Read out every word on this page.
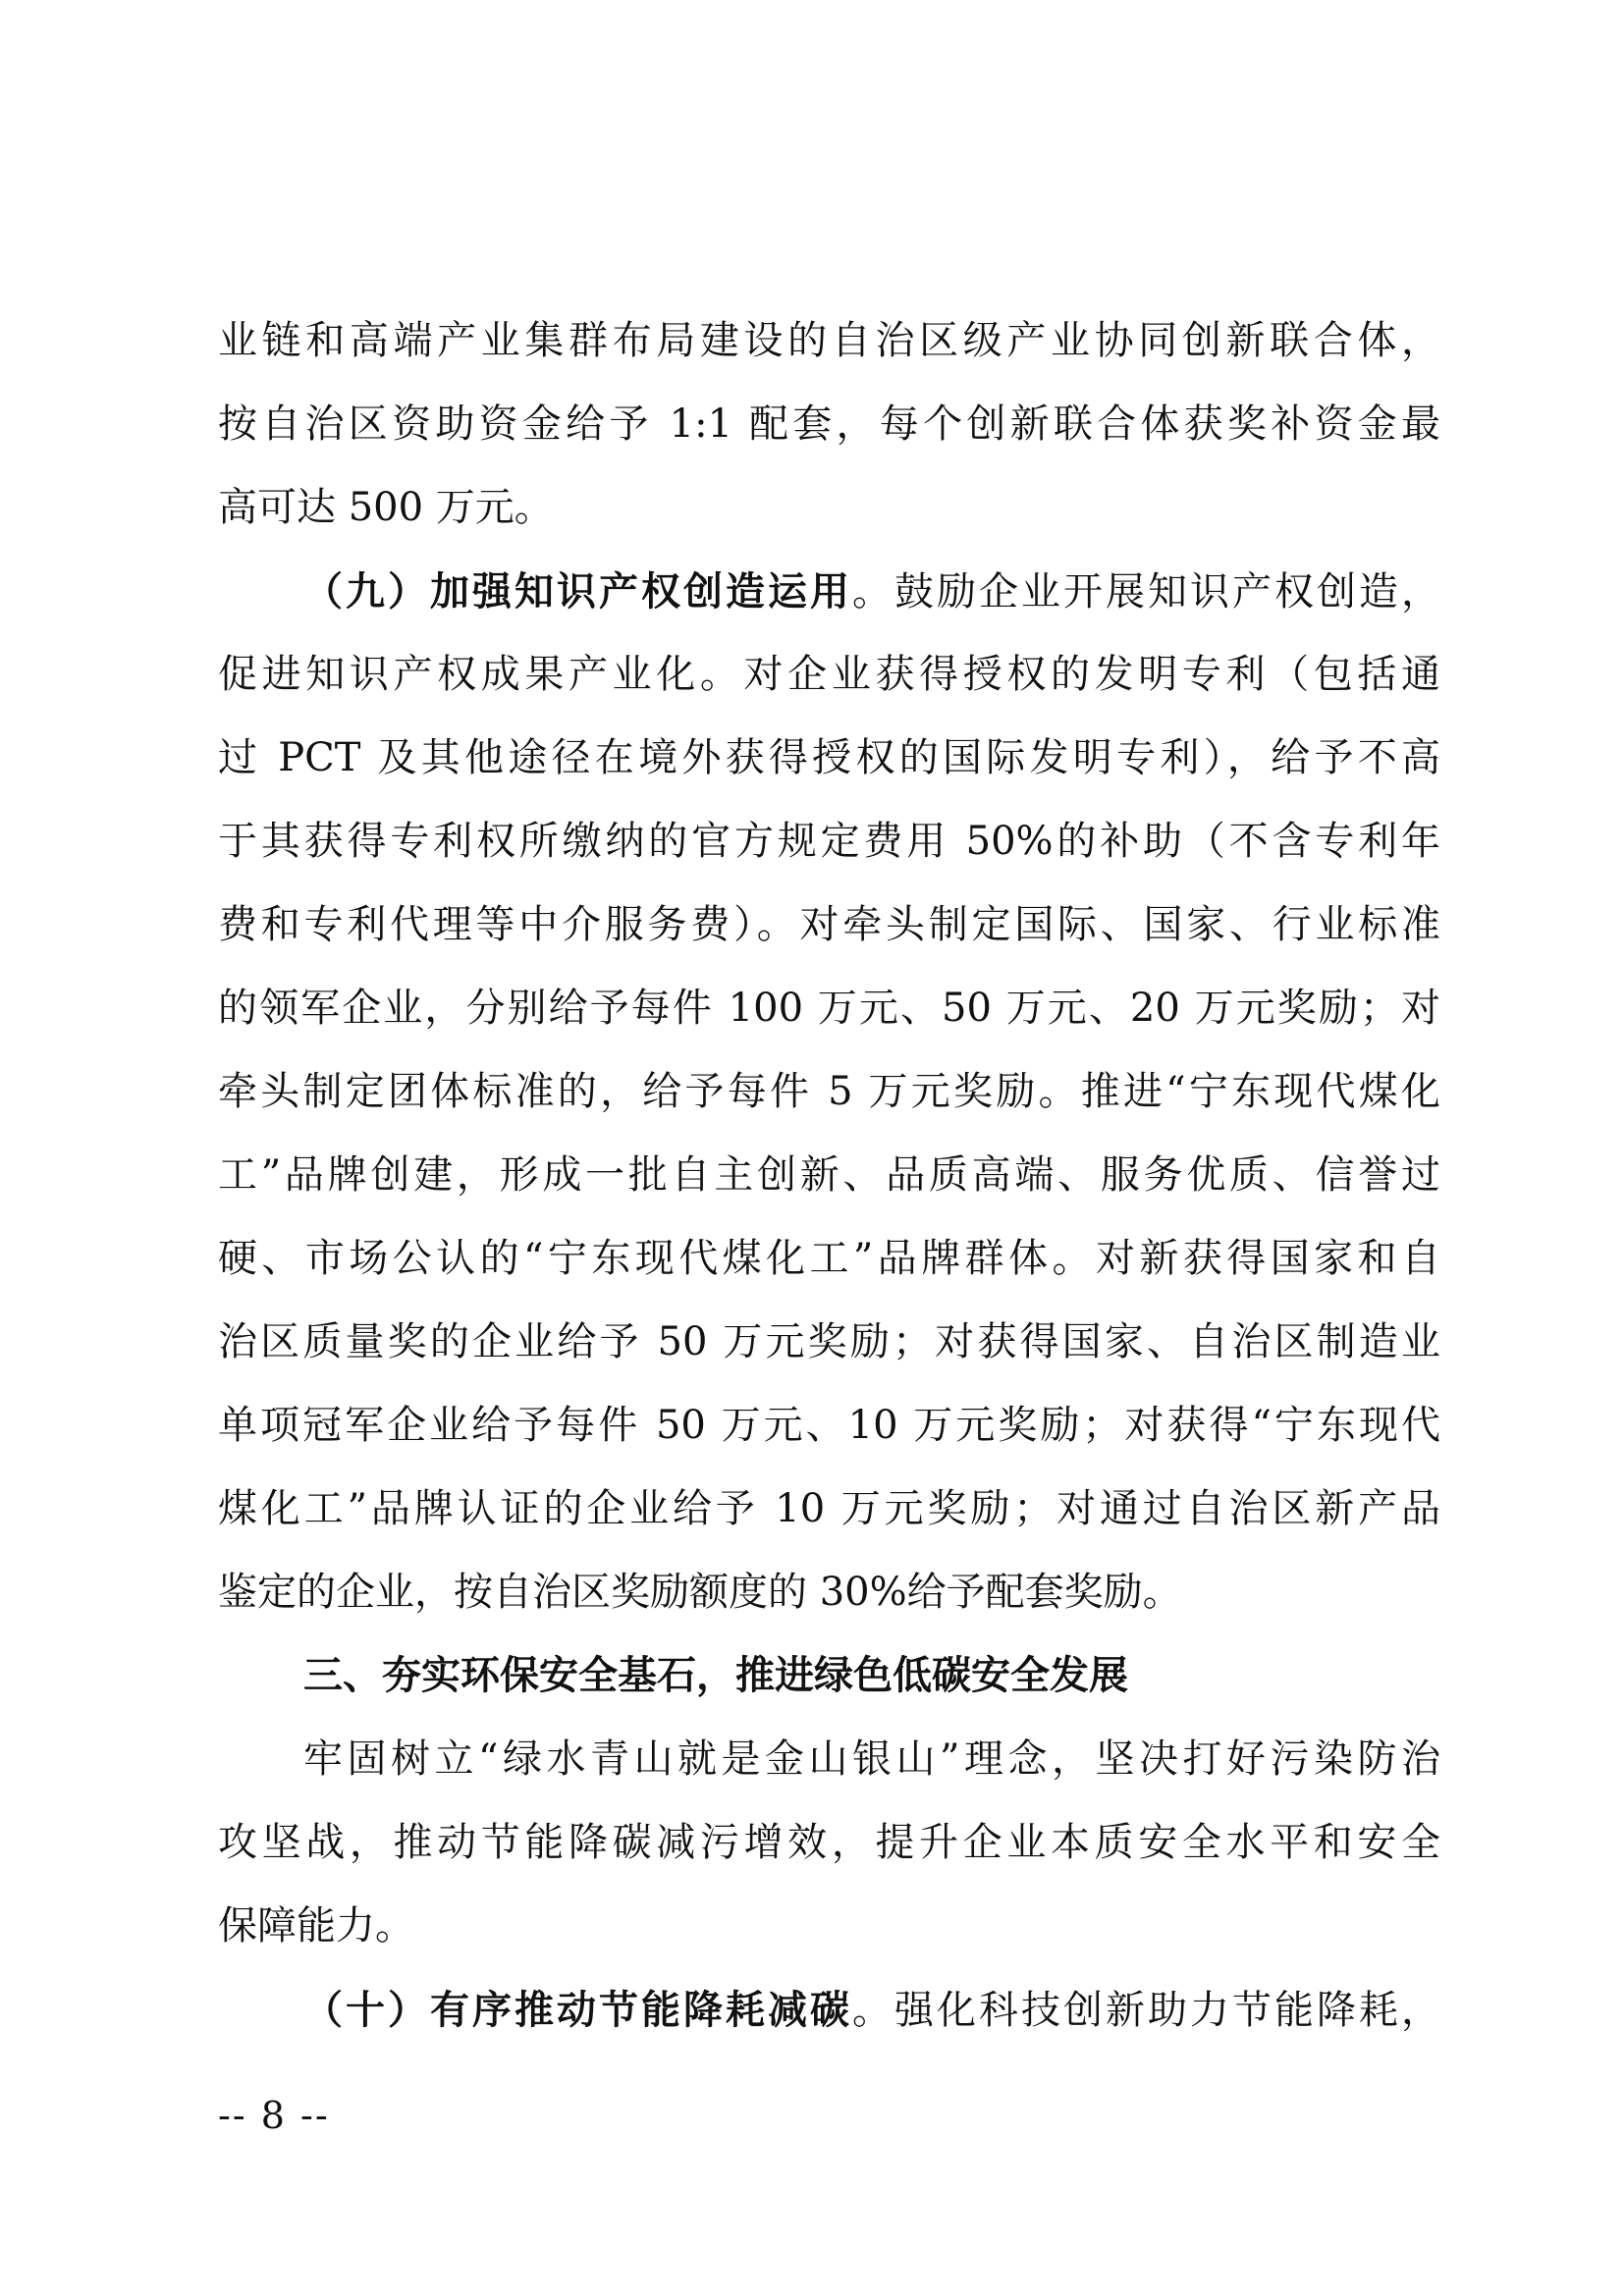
业链和高端产业集群布局建设的自治区级产业协同创新联合体，
按自治区资助资金给予 1:1 配套，每个创新联合体获奖补资金最
高可达 500 万元。
（九）加强知识产权创造运用。鼓励企业开展知识产权创造，
促进知识产权成果产业化。对企业获得授权的发明专利（包括通
过 PCT 及其他途径在境外获得授权的国际发明专利），给予不高
于其获得专利权所缴纳的官方规定费用 50%的补助（不含专利年
费和专利代理等中介服务费）。对牵头制定国际、国家、行业标准
的领军企业，分别给予每件 100 万元、50 万元、20 万元奖励；对
牵头制定团体标准的，给予每件 5 万元奖励。推进“宁东现代煤化
工”品牌创建，形成一批自主创新、品质高端、服务优质、信誉过
硬、市场公认的“宁东现代煤化工”品牌群体。对新获得国家和自
治区质量奖的企业给予 50 万元奖励；对获得国家、自治区制造业
单项冠军企业给予每件 50 万元、10 万元奖励；对获得“宁东现代
煤化工”品牌认证的企业给予 10 万元奖励；对通过自治区新产品
鉴定的企业，按自治区奖励额度的 30%给予配套奖励。
三、夯实环保安全基石，推进绿色低碳安全发展
牢固树立“绿水青山就是金山银山”理念，坚决打好污染防治
攻坚战，推动节能降碳减污增效，提升企业本质安全水平和安全
保障能力。
（十）有序推动节能降耗减碳。强化科技创新助力节能降耗，
-- 8 --
